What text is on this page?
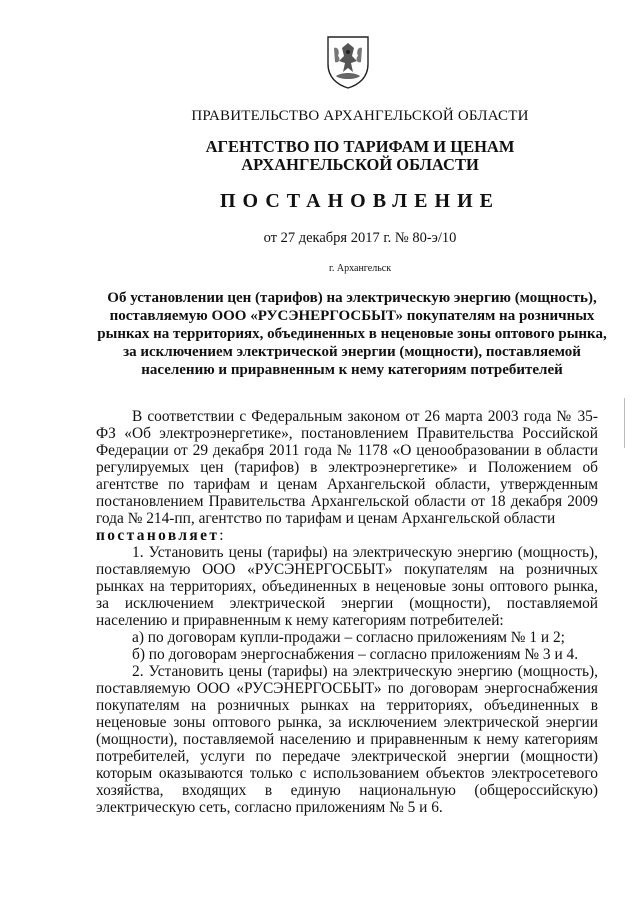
ПРАВИТЕЛЬСТВО АРХАНГЕЛЬСКОЙ ОБЛАСТИ
АГЕНТСТВО ПО ТАРИФАМ И ЦЕНАМ
АРХАНГЕЛЬСКОЙ ОБЛАСТИ
ПОСТАНОВЛЕНИЕ
от 27 декабря 2017 г. № 80-э/10
г. Архангельск
Об установлении цен (тарифов) на электрическую энергию (мощность), поставляемую ООО «РУСЭНЕРГОСБЫТ» покупателям на розничных рынках на территориях, объединенных в неценовые зоны оптового рынка, за исключением электрической энергии (мощности), поставляемой населению и приравненным к нему категориям потребителей

В соответствии с Федеральным законом от 26 марта 2003 года № 35-ФЗ «Об электроэнергетике», постановлением Правительства Российской Федерации от 29 декабря 2011 года № 1178 «О ценообразовании в области регулируемых цен (тарифов) в электроэнергетике» и Положением об агентстве по тарифам и ценам Архангельской области, утвержденным постановлением Правительства Архангельской области от 18 декабря 2009 года № 214-пп, агентство по тарифам и ценам Архангельской области

постановляет:

1. Установить цены (тарифы) на электрическую энергию (мощность), поставляемую ООО «РУСЭНЕРГОСБЫТ» покупателям на розничных рынках на территориях, объединенных в неценовые зоны оптового рынка, за исключением электрической энергии (мощности), поставляемой населению и приравненным к нему категориям потребителей:

а) по договорам купли-продажи – согласно приложениям № 1 и 2;

б) по договорам энергоснабжения – согласно приложениям № 3 и 4.

2. Установить цены (тарифы) на электрическую энергию (мощность), поставляемую ООО «РУСЭНЕРГОСБЫТ» по договорам энергоснабжения покупателям на розничных рынках на территориях, объединенных в неценовые зоны оптового рынка, за исключением электрической энергии (мощности), поставляемой населению и приравненным к нему категориям потребителей, услуги по передаче электрической энергии (мощности) которым оказываются только с использованием объектов электросетевого хозяйства, входящих в единую национальную (общероссийскую) электрическую сеть, согласно приложениям № 5 и 6.
